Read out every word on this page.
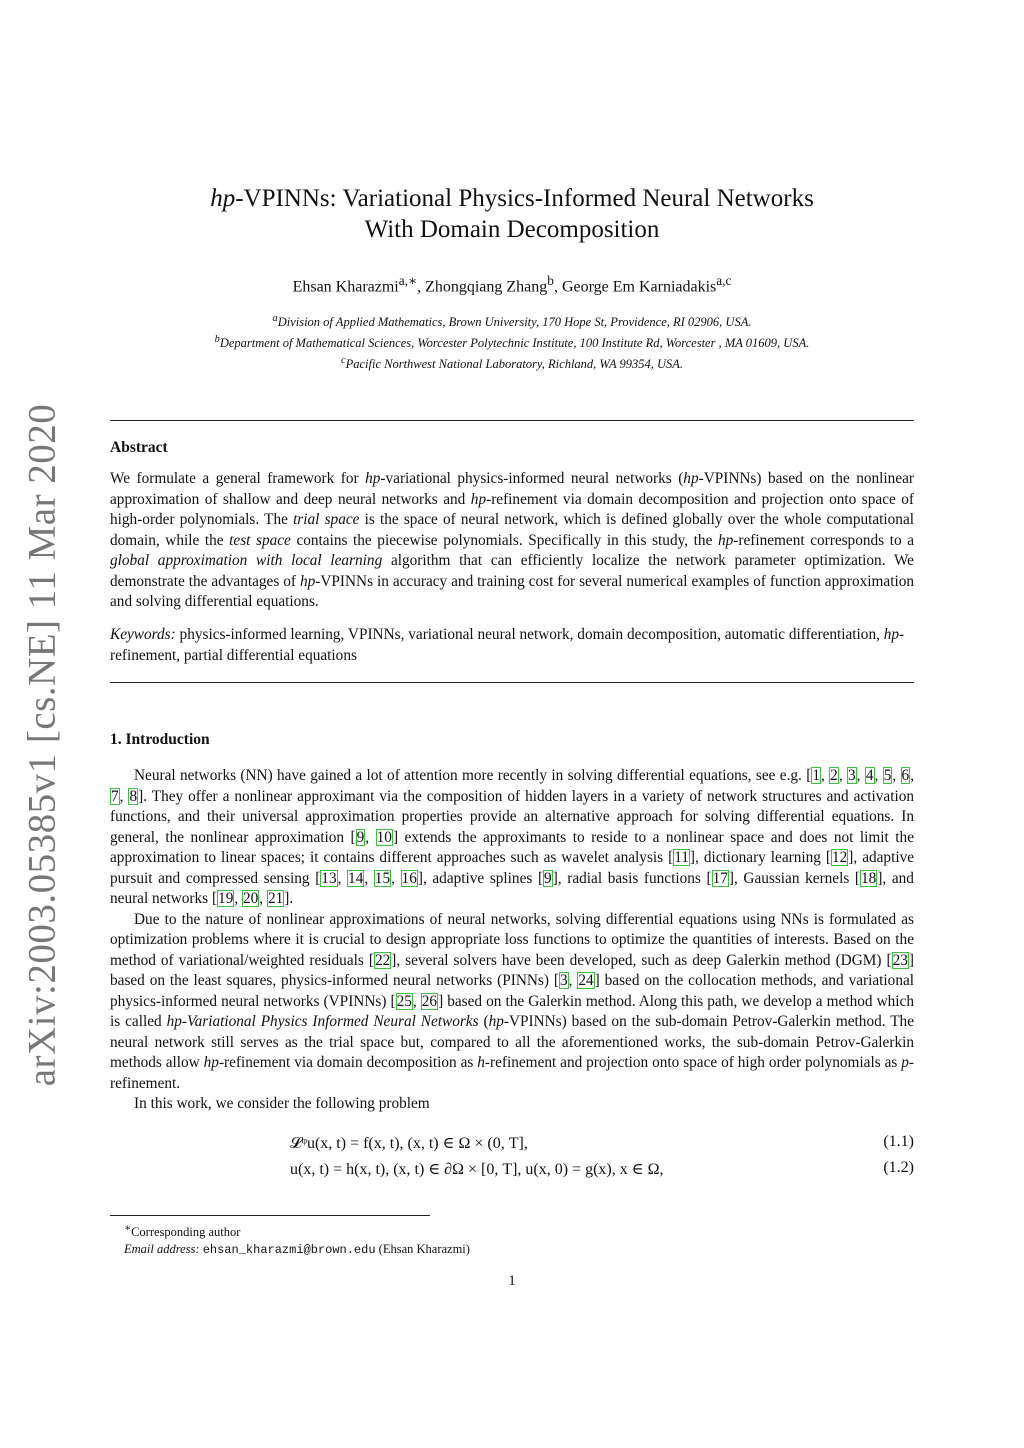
arXiv:2003.05385v1 [cs.NE] 11 Mar 2020
hp-VPINNs: Variational Physics-Informed Neural Networks
With Domain Decomposition
Ehsan Kharazmi$^{a,∗}$, Zhongqiang Zhang$^b$, George Em Karniadakis$^{a,c}$
$^a$Division of Applied Mathematics, Brown University, 170 Hope St, Providence, RI 02906, USA.
$^b$Department of Mathematical Sciences, Worcester Polytechnic Institute, 100 Institute Rd, Worcester , MA 01609, USA.
$^c$Pacific Northwest National Laboratory, Richland, WA 99354, USA.
Abstract
We formulate a general framework for hp-variational physics-informed neural networks (hp-VPINNs) based on the nonlinear approximation of shallow and deep neural networks and hp-refinement via domain decomposition and projection onto space of high-order polynomials. The trial space is the space of neural network, which is defined globally over the whole computational domain, while the test space contains the piecewise polynomials. Specifically in this study, the hp-refinement corresponds to a global approximation with local learning algorithm that can efficiently localize the network parameter optimization. We demonstrate the advantages of hp-VPINNs in accuracy and training cost for several numerical examples of function approximation and solving differential equations.
Keywords: physics-informed learning, VPINNs, variational neural network, domain decomposition, automatic differentiation, hp-refinement, partial differential equations
1. Introduction

Neural networks (NN) have gained a lot of attention more recently in solving differential equations, see e.g. [1, 2, 3, 4, 5, 6, 7, 8]. They offer a nonlinear approximant via the composition of hidden layers in a variety of network structures and activation functions, and their universal approximation properties provide an alternative approach for solving differential equations. In general, the nonlinear approximation [9, 10] extends the approximants to reside to a nonlinear space and does not limit the approximation to linear spaces; it contains different approaches such as wavelet analysis [11], dictionary learning [12], adaptive pursuit and compressed sensing [13, 14, 15, 16], adaptive splines [9], radial basis functions [17], Gaussian kernels [18], and neural networks [19, 20, 21].

Due to the nature of nonlinear approximations of neural networks, solving differential equations using NNs is formulated as optimization problems where it is crucial to design appropriate loss functions to optimize the quantities of interests. Based on the method of variational/weighted residuals [22], several solvers have been developed, such as deep Galerkin method (DGM) [23] based on the least squares, physics-informed neural networks (PINNs) [3, 24] based on the collocation methods, and variational physics-informed neural networks (VPINNs) [25, 26] based on the Galerkin method. Along this path, we develop a method which is called hp-Variational Physics Informed Neural Networks (hp-VPINNs) based on the sub-domain Petrov-Galerkin method. The neural network still serves as the trial space but, compared to all the aforementioned works, the sub-domain Petrov-Galerkin methods allow hp-refinement via domain decomposition as h-refinement and projection onto space of high order polynomials as p-refinement.

In this work, we consider the following problem

𝓛ᵠu(x, t) = f(x, t), (x, t) ∈ Ω × (0, T],	(1.1)
u(x, t) = h(x, t), (x, t) ∈ ∂Ω × [0, T], u(x, 0) = g(x), x ∈ Ω,	(1.2)
∗Corresponding author
Email address: ehsan_kharazmi@brown.edu (Ehsan Kharazmi)
1
